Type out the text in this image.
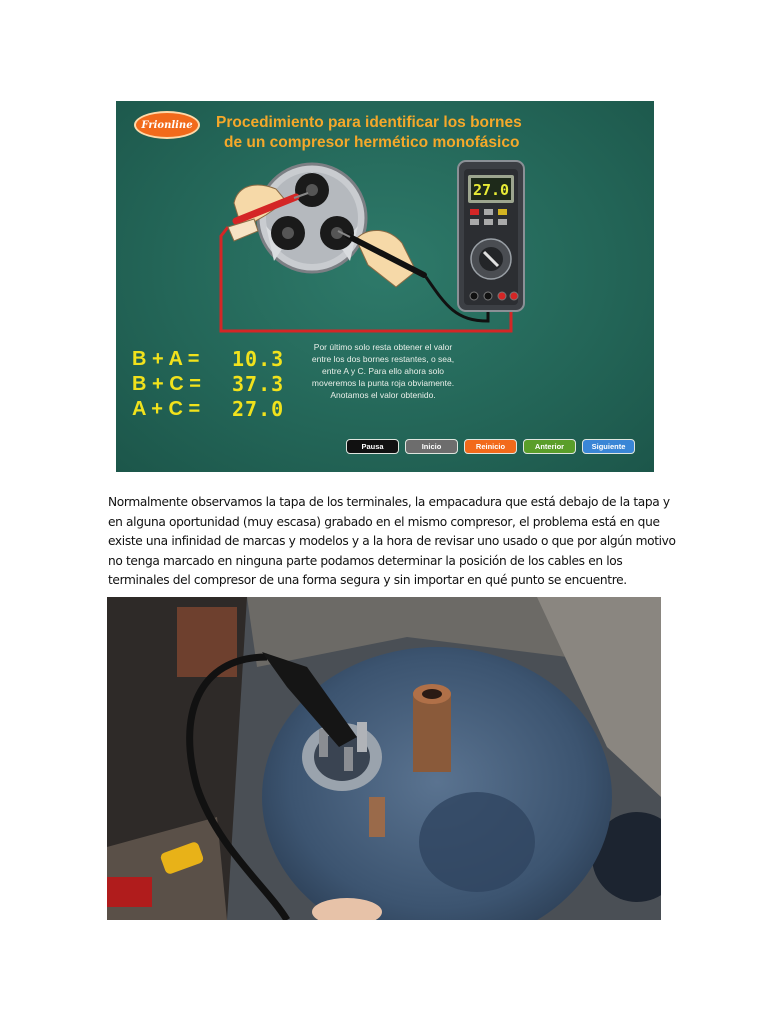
27.0
Frionline	Procedimiento para identificar los bornes
de un compresor hermético monofásico
B + A =	10.3
B + C =	37.3
A + C =	27.0
Por último solo resta obtener el valor
entre los dos bornes restantes, o sea,
entre A y C. Para ello ahora solo
moveremos la punta roja obviamente.
Anotamos el valor obtenido.
Pausa	Inicio	Reinicio	Anterior	Siguiente
Normalmente observamos la tapa de los terminales, la empacadura que está debajo de la tapa y
en alguna oportunidad (muy escasa) grabado en el mismo compresor, el problema está en que
existe una infinidad de marcas y modelos y a la hora de revisar uno usado o que por algún motivo
no tenga marcado en ninguna parte podamos determinar la posición de los cables en los
terminales del compresor de una forma segura y sin importar en qué punto se encuentre.
